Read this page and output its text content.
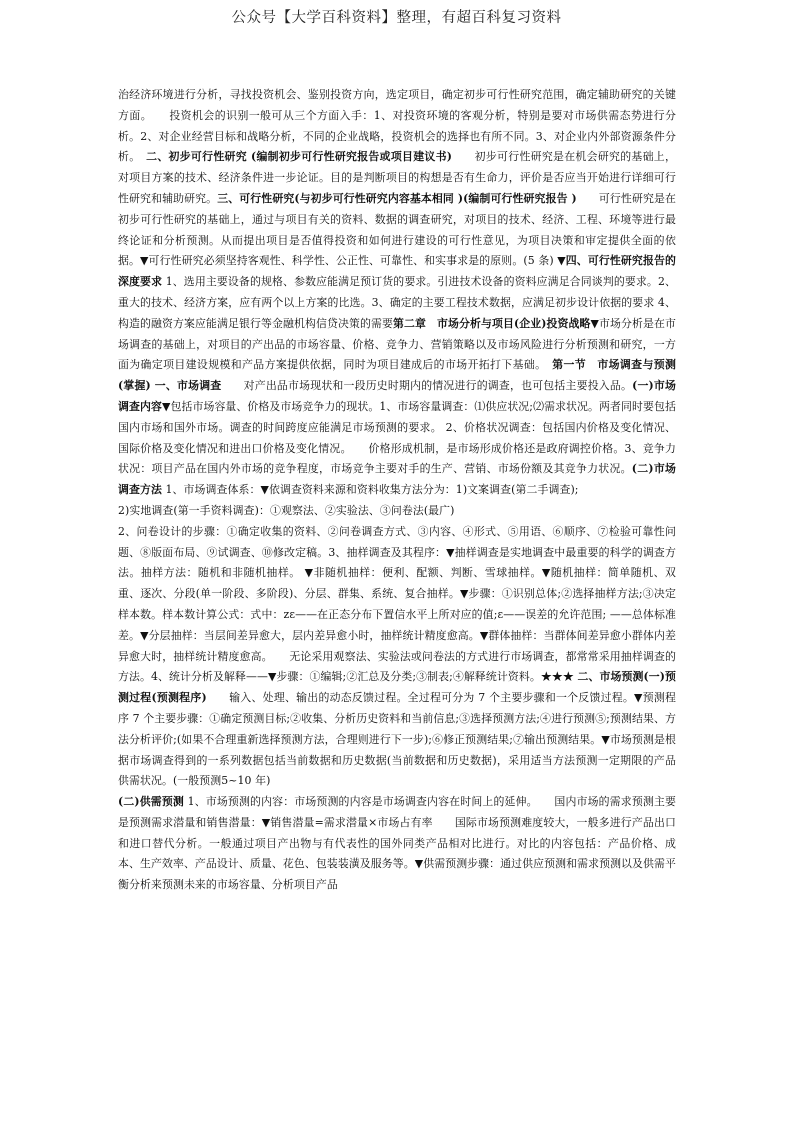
公众号【大学百科资料】整理，有超百科复习资料

治经济环境进行分析，寻找投资机会、鉴别投资方向，选定项目，确定初步可行性研究范围，确定辅助研究的关键方面。　　投资机会的识别一般可从三个方面入手：1、对投资环境的客观分析，特别是要对市场供需态势进行分析。2、对企业经营目标和战略分析，不同的企业战略，投资机会的选择也有所不同。3、对企业内外部资源条件分析。　二、初步可行性研究 (编制初步可行性研究报告或项目建议书)　　初步可行性研究是在机会研究的基础上，对项目方案的技术、经济条件进一步论证。目的是判断项目的构想是否有生命力，评价是否应当开始进行详细可行性研究和辅助研究。三、可行性研究(与初步可行性研究内容基本相同 )(编制可行性研究报告 )　　可行性研究是在初步可行性研究的基础上，通过与项目有关的资料、数据的调查研究，对项目的技术、经济、工程、环境等进行最终论证和分析预测。从而提出项目是否值得投资和如何进行建设的可行性意见，为项目决策和审定提供全面的依据。▼可行性研究必须坚持客观性、科学性、公正性、可靠性、和实事求是的原则。(5 条) ▼四、可行性研究报告的深度要求 1、选用主要设备的规格、参数应能满足预订货的要求。引进技术设备的资料应满足合同谈判的要求。2、重大的技术、经济方案，应有两个以上方案的比选。3、确定的主要工程技术数据，应满足初步设计依据的要求 4、构造的融资方案应能满足银行等金融机构信贷决策的需要第二章　市场分析与项目(企业)投资战略▼市场分析是在市场调查的基础上，对项目的产出品的市场容量、价格、竞争力、营销策略以及市场风险进行分析预测和研究，一方面为确定项目建设规模和产品方案提供依据，同时为项目建成后的市场开拓打下基础。　第一节　市场调查与预测(掌握) 一、市场调查　　对产出品市场现状和一段历史时期内的情况进行的调查，也可包括主要投入品。(一)市场调查内容▼包括市场容量、价格及市场竞争力的现状。1、市场容量调查：⑴供应状况;⑵需求状况。两者同时要包括国内市场和国外市场。调查的时间跨度应能满足市场预测的要求。 2、价格状况调查：包括国内价格及变化情况、国际价格及变化情况和进出口价格及变化情况。　　价格形成机制，是市场形成价格还是政府调控价格。3、竞争力状况：项目产品在国内外市场的竞争程度，市场竞争主要对手的生产、营销、市场份额及其竞争力状况。(二)市场调查方法 1、市场调查体系：▼依调查资料来源和资料收集方法分为：1)文案调查(第二手调查);

2)实地调查(第一手资料调查)：①观察法、②实验法、③问卷法(最广)

2、问卷设计的步骤：①确定收集的资料、②问卷调查方式、③内容、④形式、⑤用语、⑥顺序、⑦检验可靠性问题、⑧版面布局、⑨试调查、⑩修改定稿。3、抽样调查及其程序：▼抽样调查是实地调查中最重要的科学的调查方法。抽样方法：随机和非随机抽样。 ▼非随机抽样：便利、配额、判断、雪球抽样。▼随机抽样：简单随机、双重、逐次、分段(单一阶段、多阶段)、分层、群集、系统、复合抽样。▼步骤：①识别总体;②选择抽样方法;③决定样本数。样本数计算公式：式中：zε——在正态分布下置信水平上所对应的值;ε——误差的允许范围; ——总体标准差。▼分层抽样：当层间差异愈大，层内差异愈小时，抽样统计精度愈高。▼群体抽样：当群体间差异愈小群体内差异愈大时，抽样统计精度愈高。　　无论采用观察法、实验法或问卷法的方式进行市场调查，都常常采用抽样调查的方法。4、统计分析及解释——▼步骤：①编辑;②汇总及分类;③制表;④解释统计资料。★★★ 二、市场预测(一)预测过程(预测程序)　　输入、处理、输出的动态反馈过程。全过程可分为 7 个主要步骤和一个反馈过程。▼预测程序 7 个主要步骤：①确定预测目标;②收集、分析历史资料和当前信息;③选择预测方法;④进行预测⑤;预测结果、方法分析评价;(如果不合理重新选择预测方法，合理则进行下一步);⑥修正预测结果;⑦输出预测结果。▼市场预测是根据市场调查得到的一系列数据包括当前数据和历史数据(当前数据和历史数据)，采用适当方法预测一定期限的产品供需状况。(一般预测5~10 年)

(二)供需预测 1、市场预测的内容：市场预测的内容是市场调查内容在时间上的延伸。　　国内市场的需求预测主要是预测需求潜量和销售潜量：▼销售潜量=需求潜量×市场占有率　　国际市场预测难度较大，一般多进行产品出口和进口替代分析。一般通过项目产出物与有代表性的国外同类产品相对比进行。对比的内容包括：产品价格、成本、生产效率、产品设计、质量、花色、包装装潢及服务等。▼供需预测步骤：通过供应预测和需求预测以及供需平衡分析来预测未来的市场容量、分析项目产品
